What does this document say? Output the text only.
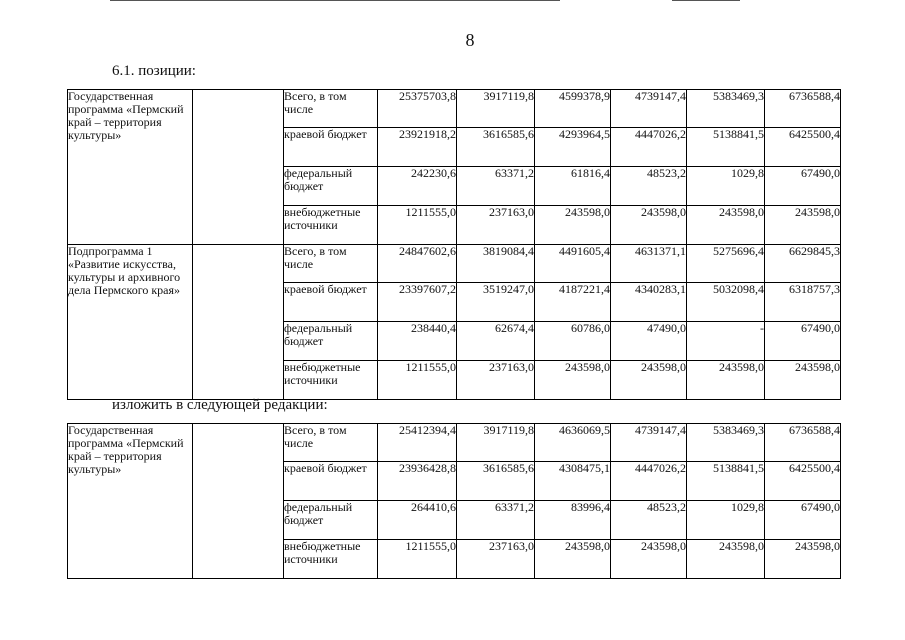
8
6.1. позиции:
Государственная программа «Пермский край – территория культуры»		Всего, в том числе	25375703,8	3917119,8	4599378,9	4739147,4	5383469,3	6736588,4
		краевой бюджет	23921918,2	3616585,6	4293964,5	4447026,2	5138841,5	6425500,4
		федеральный бюджет	242230,6	63371,2	61816,4	48523,2	1029,8	67490,0
		внебюджетные источники	1211555,0	237163,0	243598,0	243598,0	243598,0	243598,0
Подпрограмма 1 «Развитие искусства, культуры и архивного дела Пермского края»		Всего, в том числе	24847602,6	3819084,4	4491605,4	4631371,1	5275696,4	6629845,3
		краевой бюджет	23397607,2	3519247,0	4187221,4	4340283,1	5032098,4	6318757,3
		федеральный бюджет	238440,4	62674,4	60786,0	47490,0	-	67490,0
		внебюджетные источники	1211555,0	237163,0	243598,0	243598,0	243598,0	243598,0
изложить в следующей редакции:
Государственная программа «Пермский край – территория культуры»		Всего, в том числе	25412394,4	3917119,8	4636069,5	4739147,4	5383469,3	6736588,4
		краевой бюджет	23936428,8	3616585,6	4308475,1	4447026,2	5138841,5	6425500,4
		федеральный бюджет	264410,6	63371,2	83996,4	48523,2	1029,8	67490,0
		внебюджетные источники	1211555,0	237163,0	243598,0	243598,0	243598,0	243598,0
